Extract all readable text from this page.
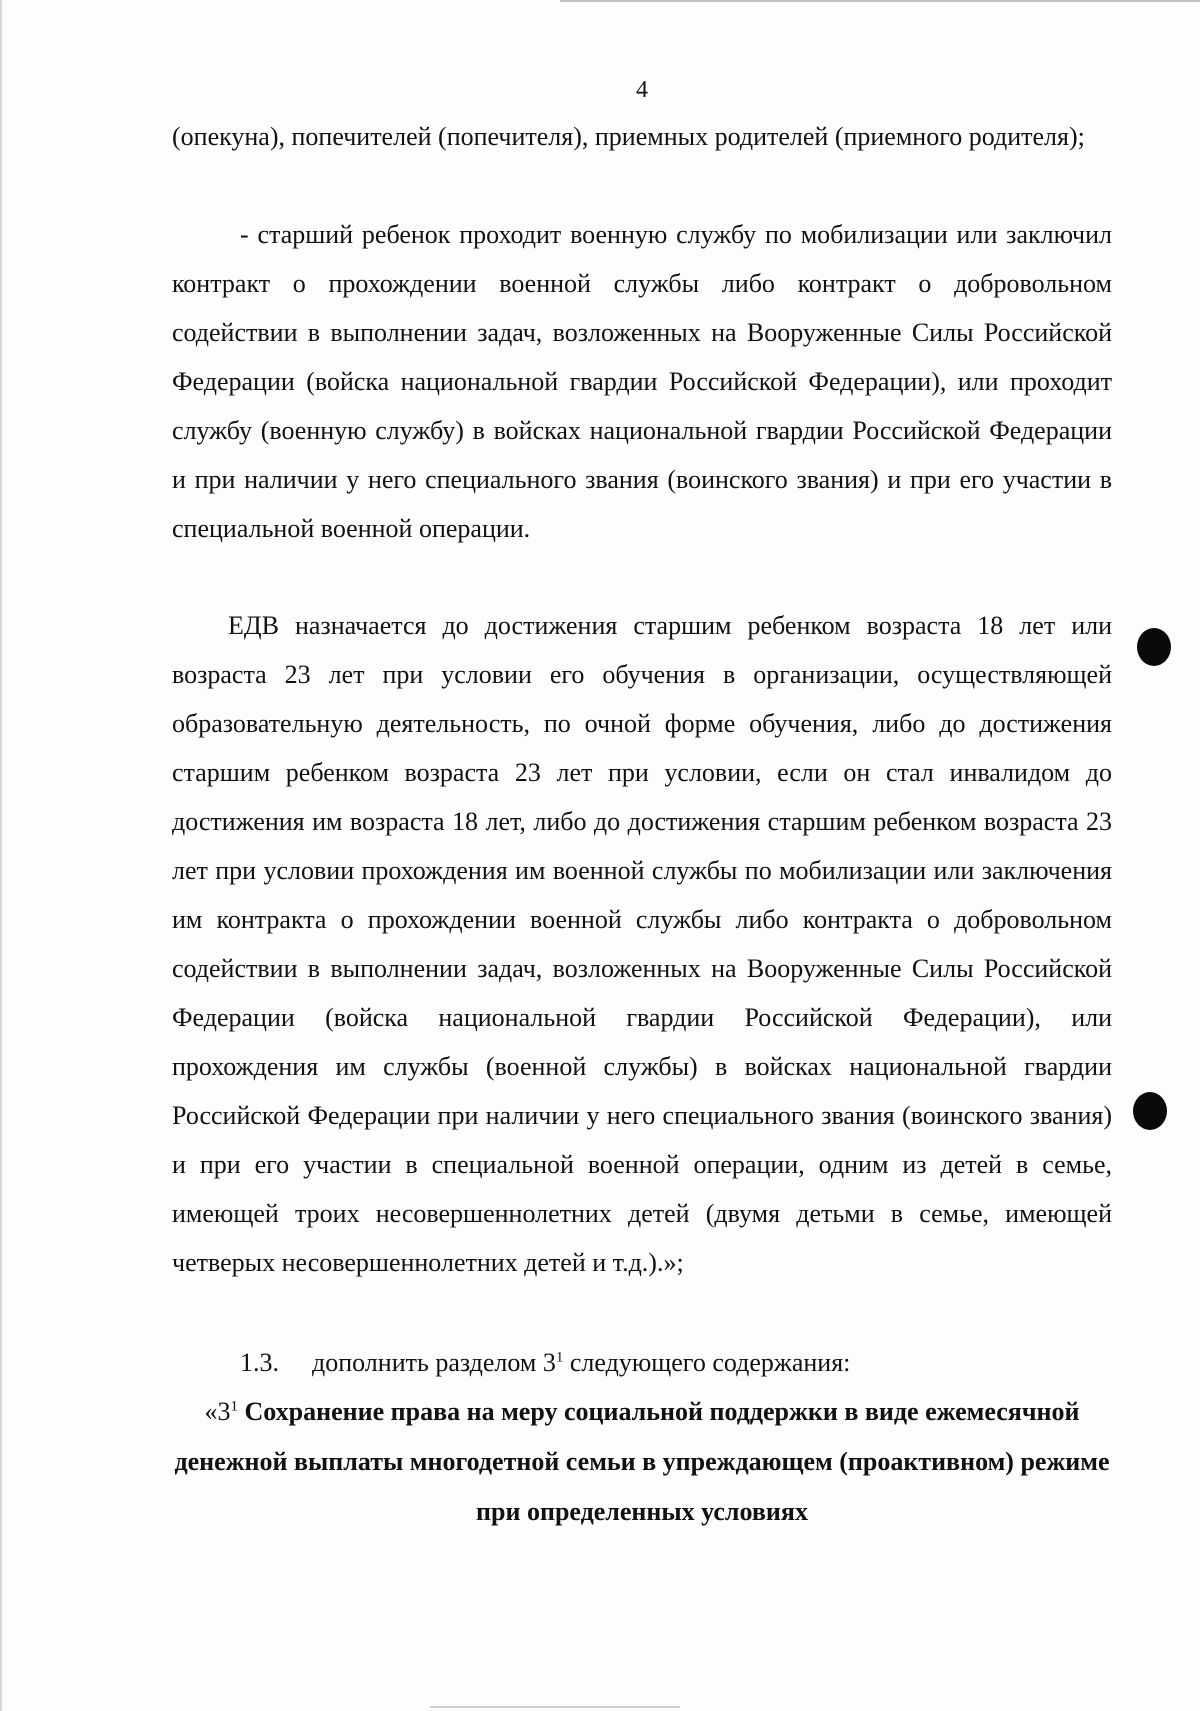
4

(опекуна), попечителей (попечителя), приемных родителей (приемного родителя);

- старший ребенок проходит военную службу по мобилизации или заключил контракт о прохождении военной службы либо контракт о добровольном содействии в выполнении задач, возложенных на Вооруженные Силы Российской Федерации (войска национальной гвардии Российской Федерации), или проходит службу (военную службу) в войсках национальной гвардии Российской Федерации и при наличии у него специального звания (воинского звания) и при его участии в специальной военной операции.

ЕДВ назначается до достижения старшим ребенком возраста 18 лет или возраста 23 лет при условии его обучения в организации, осуществляющей образовательную деятельность, по очной форме обучения, либо до достижения старшим ребенком возраста 23 лет при условии, если он стал инвалидом до достижения им возраста 18 лет, либо до достижения старшим ребенком возраста 23 лет при условии прохождения им военной службы по мобилизации или заключения им контракта о прохождении военной службы либо контракта о добровольном содействии в выполнении задач, возложенных на Вооруженные Силы Российской Федерации (войска национальной гвардии Российской Федерации), или прохождения им службы (военной службы) в войсках национальной гвардии Российской Федерации при наличии у него специального звания (воинского звания) и при его участии в специальной военной операции, одним из детей в семье, имеющей троих несовершеннолетних детей (двумя детьми в семье, имеющей четверых несовершеннолетних детей и т.д.).»;

1.3. дополнить разделом $3^1$ следующего содержания:

«$3^1$ Сохранение права на меру социальной поддержки в виде ежемесячной денежной выплаты многодетной семьи в упреждающем (проактивном) режиме при определенных условиях
